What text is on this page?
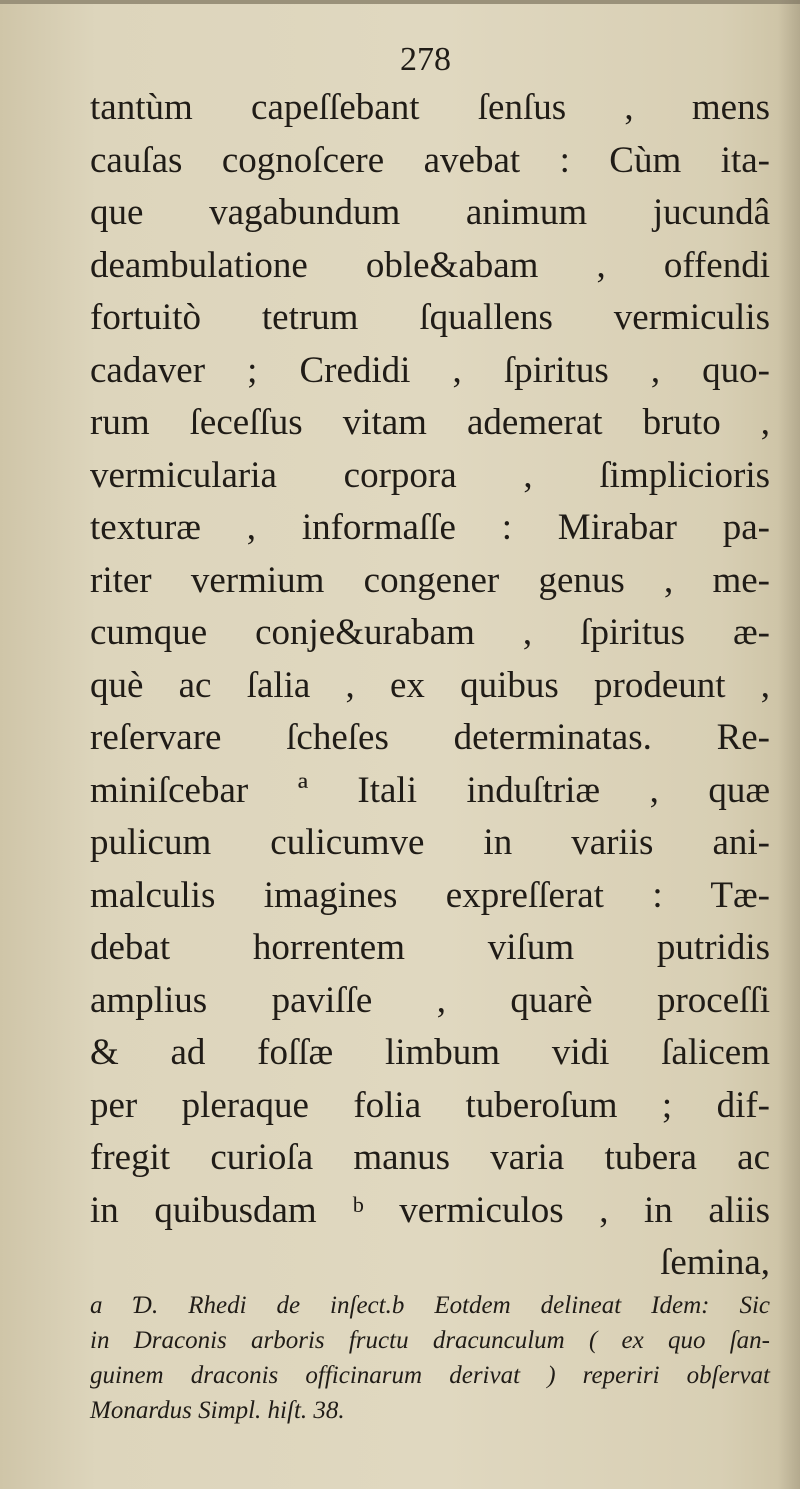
278
tantùm capeſſebant ſenſus , mens
cauſas cognoſcere avebat : Cùm ita-
que vagabundum animum jucundâ
deambulatione oble&abam , offendi
fortuitò tetrum ſquallens vermiculis
cadaver ; Credidi , ſpiritus , quo-
rum ſeceſſus vitam ademerat bruto ,
vermicularia corpora , ſimplicioris
texturæ , informaſſe : Mirabar pa-
riter vermium congener genus , me-
cumque conje&urabam , ſpiritus æ-
què ac ſalia , ex quibus prodeunt ,
reſervare ſcheſes determinatas. Re-
miniſcebar ª Itali induſtriæ , quæ
pulicum culicumve in variis ani-
malculis imagines expreſſerat : Tæ-
debat horrentem viſum putridis
amplius paviſſe , quarè proceſſi
& ad foſſæ limbum vidi ſalicem
per pleraque folia tuberoſum ; dif-
fregit curioſa manus varia tubera ac
in quibusdam ᵇ vermiculos , in aliis
ſemina,
a Ɗ. Rhedi de inſect.b Eotdem delineat Idem: Sic
in Draconis arboris fructu dracunculum ( ex quo ſan-
guinem draconis officinarum derivat ) reperiri obſervat
Monardus Simpl. hiſt. 38.
